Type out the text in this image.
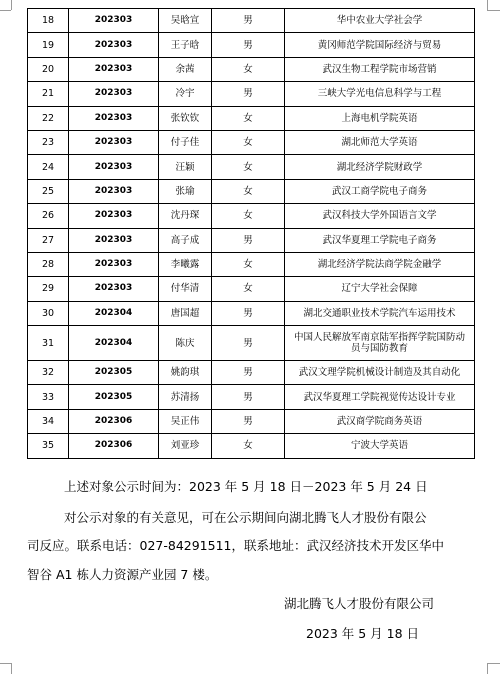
18	202303	吴晗宣	男	华中农业大学社会学
19	202303	王子晗	男	黄冈师范学院国际经济与贸易
20	202303	余茜	女	武汉生物工程学院市场营销
21	202303	冷宇	男	三峡大学光电信息科学与工程
22	202303	张钦钦	女	上海电机学院英语
23	202303	付子佳	女	湖北师范大学英语
24	202303	汪颖	女	湖北经济学院财政学
25	202303	张瑜	女	武汉工商学院电子商务
26	202303	沈丹琛	女	武汉科技大学外国语言文学
27	202303	高子成	男	武汉华夏理工学院电子商务
28	202303	李曦露	女	湖北经济学院法商学院金融学
29	202303	付华清	女	辽宁大学社会保障
30	202304	唐国超	男	湖北交通职业技术学院汽车运用技术
31	202304	陈庆	男	中国人民解放军南京陆军指挥学院国防动员与国防教育
32	202305	姚韵琪	男	武汉文理学院机械设计制造及其自动化
33	202305	苏清扬	男	武汉华夏理工学院视觉传达设计专业
34	202306	吴正伟	男	武汉商学院商务英语
35	202306	刘亚珍	女	宁波大学英语
上述对象公示时间为：2023 年 5 月 18 日－2023 年 5 月 24 日
对公示对象的有关意见，可在公示期间向湖北腾飞人才股份有限公
司反应。联系电话：027-84291511，联系地址：武汉经济技术开发区华中
智谷 A1 栋人力资源产业园 7 楼。
湖北腾飞人才股份有限公司
2023 年 5 月 18 日
